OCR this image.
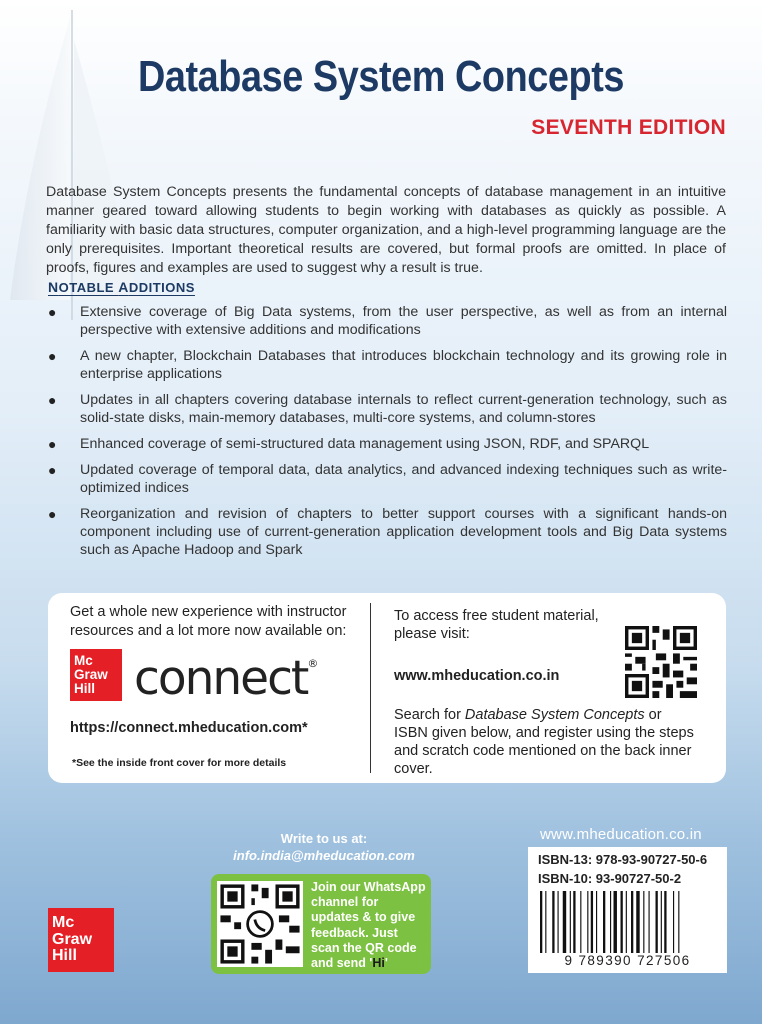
Database System Concepts
SEVENTH EDITION
Database System Concepts presents the fundamental concepts of database management in an intuitive manner geared toward allowing students to begin working with databases as quickly as possible. A familiarity with basic data structures, computer organization, and a high-level programming language are the only prerequisites. Important theoretical results are covered, but formal proofs are omitted. In place of proofs, figures and examples are used to suggest why a result is true.
NOTABLE ADDITIONS
● Extensive coverage of Big Data systems, from the user perspective, as well as from an internal perspective with extensive additions and modifications
● A new chapter, Blockchain Databases that introduces blockchain technology and its growing role in enterprise applications
● Updates in all chapters covering database internals to reflect current-generation technology, such as solid-state disks, main-memory databases, multi-core systems, and column-stores
● Enhanced coverage of semi-structured data management using JSON, RDF, and SPARQL
● Updated coverage of temporal data, data analytics, and advanced indexing techniques such as write-optimized indices
● Reorganization and revision of chapters to better support courses with a significant hands-on component including use of current-generation application development tools and Big Data systems such as Apache Hadoop and Spark
Get a whole new experience with instructor resources and a lot more now available on:
Mc
Graw
Hill connect®
https://connect.mheducation.com*
*See the inside front cover for more details
To access free student material, please visit:
www.mheducation.co.in
Search for Database System Concepts or ISBN given below, and register using the steps and scratch code mentioned on the back inner cover.
Write to us at:
info.india@mheducation.com
Join our WhatsApp channel for updates & to give feedback. Just scan the QR code and send 'Hi'
Mc
Graw
Hill
www.mheducation.co.in
ISBN-13: 978-93-90727-50-6
ISBN-10: 93-90727-50-2
9 789390 727506
